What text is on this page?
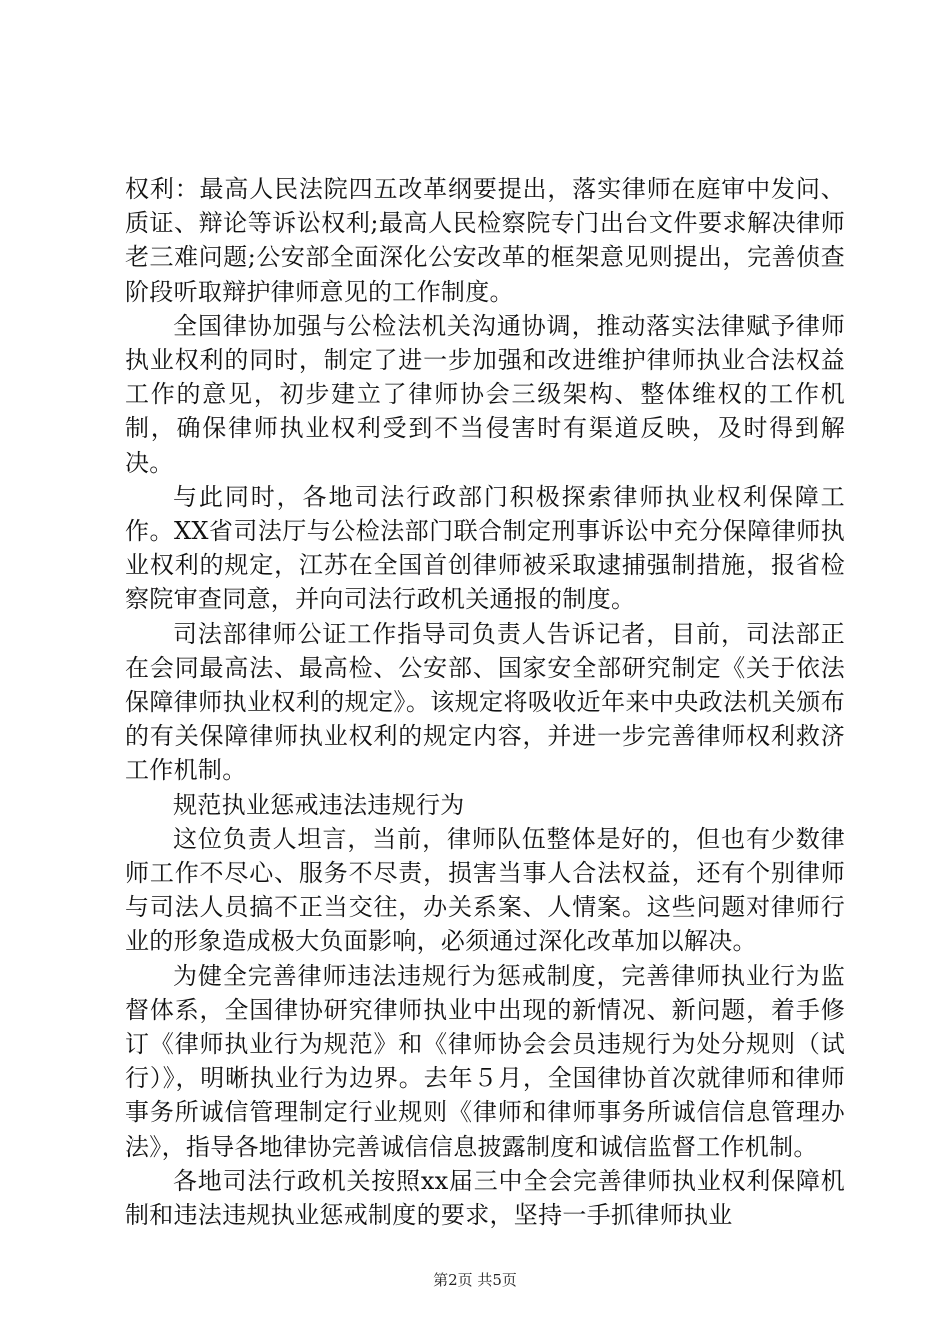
权利：最高人民法院四五改革纲要提出，落实律师在庭审中发问、质证、辩论等诉讼权利;最高人民检察院专门出台文件要求解决律师老三难问题;公安部全面深化公安改革的框架意见则提出，完善侦查阶段听取辩护律师意见的工作制度。

全国律协加强与公检法机关沟通协调，推动落实法律赋予律师执业权利的同时，制定了进一步加强和改进维护律师执业合法权益工作的意见，初步建立了律师协会三级架构、整体维权的工作机制，确保律师执业权利受到不当侵害时有渠道反映，及时得到解决。

与此同时，各地司法行政部门积极探索律师执业权利保障工作。XX省司法厅与公检法部门联合制定刑事诉讼中充分保障律师执业权利的规定，江苏在全国首创律师被采取逮捕强制措施，报省检察院审查同意，并向司法行政机关通报的制度。

司法部律师公证工作指导司负责人告诉记者，目前，司法部正在会同最高法、最高检、公安部、国家安全部研究制定《关于依法保障律师执业权利的规定》。该规定将吸收近年来中央政法机关颁布的有关保障律师执业权利的规定内容，并进一步完善律师权利救济工作机制。

规范执业惩戒违法违规行为

这位负责人坦言，当前，律师队伍整体是好的，但也有少数律师工作不尽心、服务不尽责，损害当事人合法权益，还有个别律师与司法人员搞不正当交往，办关系案、人情案。这些问题对律师行业的形象造成极大负面影响，必须通过深化改革加以解决。

为健全完善律师违法违规行为惩戒制度，完善律师执业行为监督体系，全国律协研究律师执业中出现的新情况、新问题，着手修订《律师执业行为规范》和《律师协会会员违规行为处分规则（试行）》，明晰执业行为边界。去年５月，全国律协首次就律师和律师事务所诚信管理制定行业规则《律师和律师事务所诚信信息管理办法》，指导各地律协完善诚信信息披露制度和诚信监督工作机制。

各地司法行政机关按照xx届三中全会完善律师执业权利保障机制和违法违规执业惩戒制度的要求，坚持一手抓律师执业

第2页 共5页
